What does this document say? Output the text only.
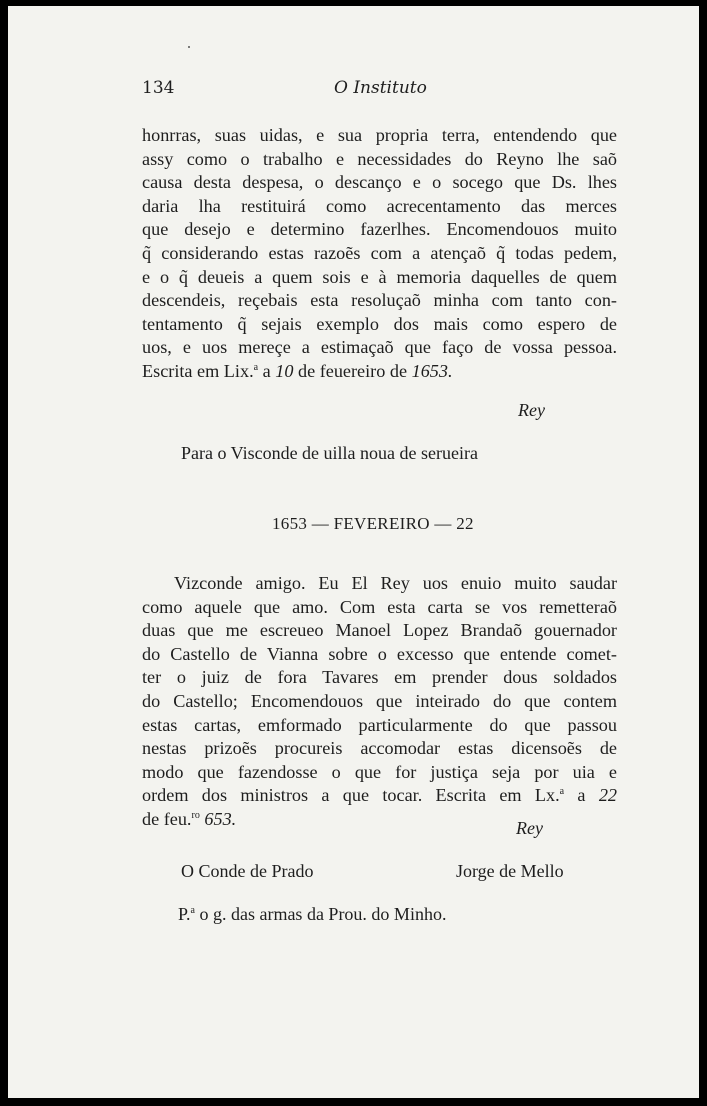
134	O Instituto
honrras, suas uidas, e sua propria terra, entendendo que
assy como o trabalho e necessidades do Reyno lhe saõ
causa desta despesa, o descanço e o socego que Ds. lhes
daria lha restituirá como acrecentamento das merces
que desejo e determino fazerlhes. Encomendouos muito
q̃ considerando estas razoẽs com a atençaõ q̃ todas pedem,
e o q̃ deueis a quem sois e à memoria daquelles de quem
descendeis, reçebais esta resoluçaõ minha com tanto con-
tentamento q̃ sejais exemplo dos mais como espero de
uos, e uos mereçe a estimaçaõ que faço de vossa pessoa.
Escrita em Lix.$^a$ a 10 de feuereiro de 1653.
Rey
Para o Visconde de uilla noua de serueira
1653 — FEVEREIRO — 22
Vizconde amigo. Eu El Rey uos enuio muito saudar
como aquele que amo. Com esta carta se vos remetteraõ
duas que me escreueo Manoel Lopez Brandaõ gouernador
do Castello de Vianna sobre o excesso que entende comet-
ter o juiz de fora Tavares em prender dous soldados
do Castello; Encomendouos que inteirado do que contem
estas cartas, emformado particularmente do que passou
nestas prizoẽs procureis accomodar estas dicensoẽs de
modo que fazendosse o que for justiça seja por uia e
ordem dos ministros a que tocar. Escrita em Lx.$^a$ a 22
de feu.$^{ro}$ 653.	Rey
O Conde de Prado	Jorge de Mello
P.$^a$ o g. das armas da Prou. do Minho.
